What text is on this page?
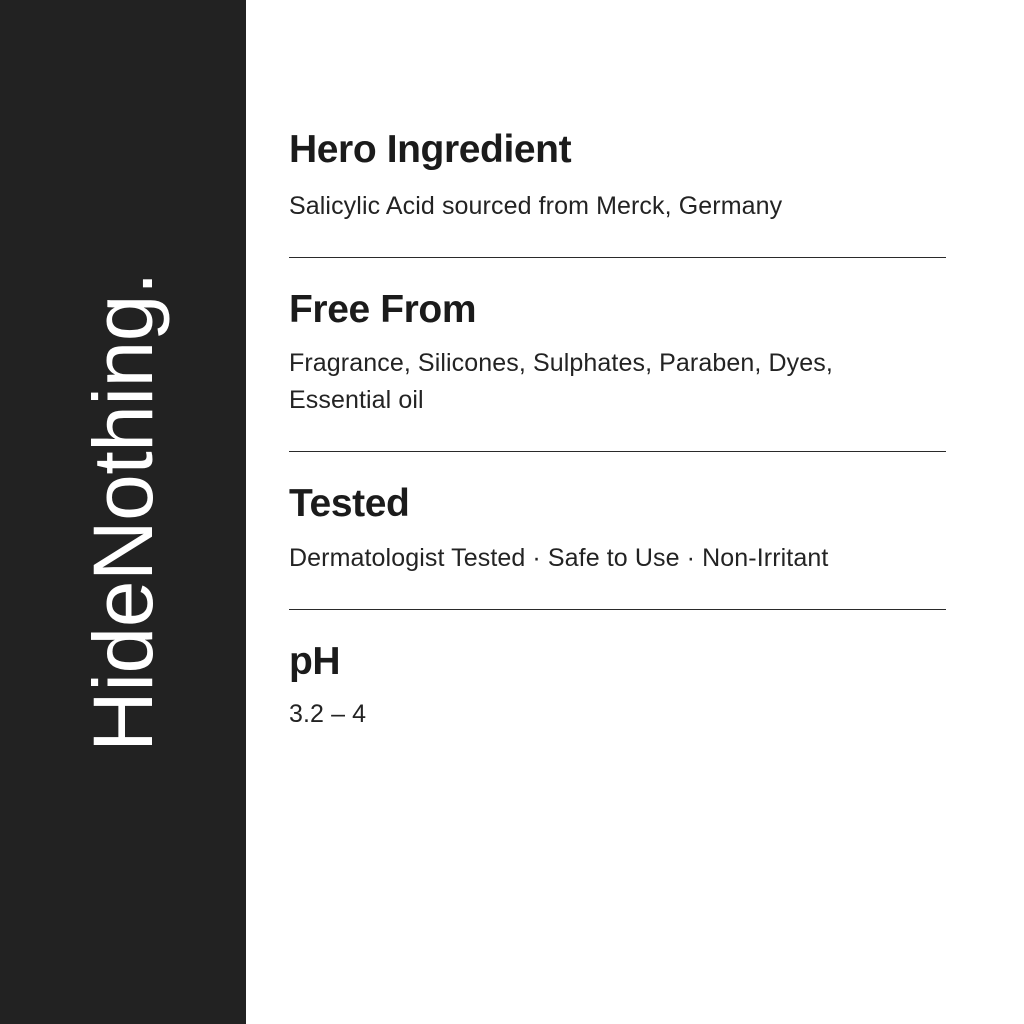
HideNothing.
Hero Ingredient
Salicylic Acid sourced from Merck, Germany
Free From
Fragrance, Silicones, Sulphates, Paraben, Dyes, Essential oil
Tested
Dermatologist Tested · Safe to Use · Non-Irritant
pH
3.2 – 4
